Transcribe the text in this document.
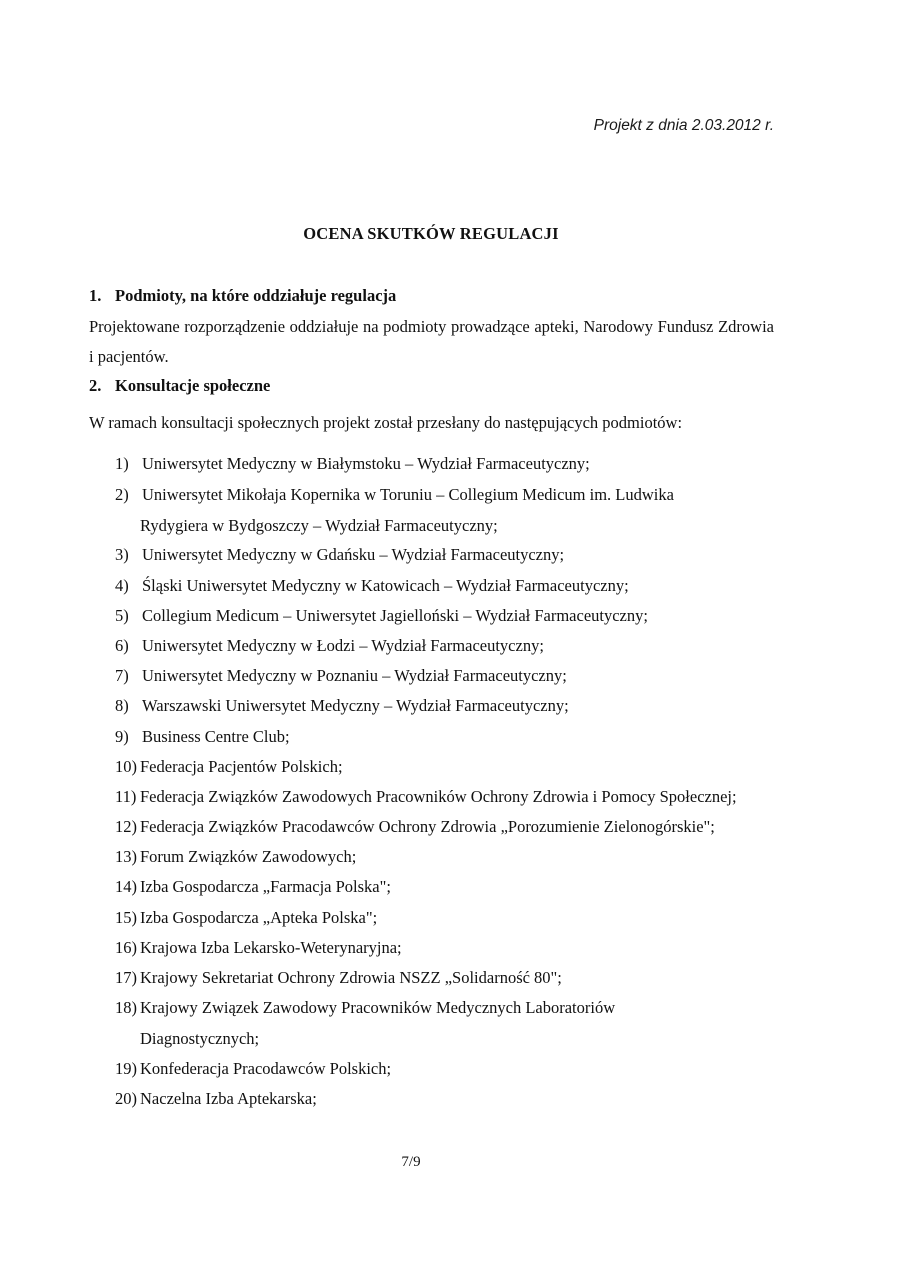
Projekt z dnia 2.03.2012 r.
OCENA SKUTKÓW REGULACJI
1. Podmioty, na które oddziałuje regulacja
Projektowane rozporządzenie oddziałuje na podmioty prowadzące apteki, Narodowy Fundusz Zdrowia i pacjentów.
2. Konsultacje społeczne
W ramach konsultacji społecznych projekt został przesłany do następujących podmiotów:
1) Uniwersytet Medyczny w Białymstoku – Wydział Farmaceutyczny;
2) Uniwersytet Mikołaja Kopernika w Toruniu – Collegium Medicum im. Ludwika
Rydygiera w Bydgoszczy – Wydział Farmaceutyczny;
3) Uniwersytet Medyczny w Gdańsku – Wydział Farmaceutyczny;
4) Śląski Uniwersytet Medyczny w Katowicach – Wydział Farmaceutyczny;
5) Collegium Medicum – Uniwersytet Jagielloński – Wydział Farmaceutyczny;
6) Uniwersytet Medyczny w Łodzi – Wydział Farmaceutyczny;
7) Uniwersytet Medyczny w Poznaniu – Wydział Farmaceutyczny;
8) Warszawski Uniwersytet Medyczny – Wydział Farmaceutyczny;
9) Business Centre Club;
10) Federacja Pacjentów Polskich;
11) Federacja Związków Zawodowych Pracowników Ochrony Zdrowia i Pomocy Społecznej;
12) Federacja Związków Pracodawców Ochrony Zdrowia „Porozumienie Zielonogórskie";
13) Forum Związków Zawodowych;
14) Izba Gospodarcza „Farmacja Polska";
15) Izba Gospodarcza „Apteka Polska";
16) Krajowa Izba Lekarsko-Weterynaryjna;
17) Krajowy Sekretariat Ochrony Zdrowia NSZZ „Solidarność 80";
18) Krajowy Związek Zawodowy Pracowników Medycznych Laboratoriów
Diagnostycznych;
19) Konfederacja Pracodawców Polskich;
20) Naczelna Izba Aptekarska;
7/9
